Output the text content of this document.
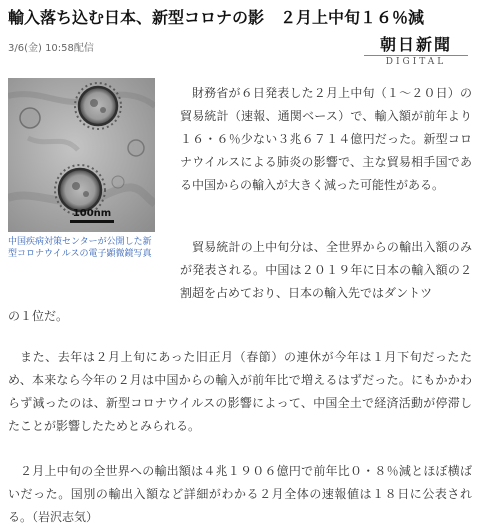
輸入落ち込む日本、新型コロナの影　２月上中旬１６％減
3/6(金) 10:58配信	朝日新聞
DIGITAL
100nm
中国疾病対策センターが公開した新型コロナウイルスの電子顕微鏡写真

財務省が６日発表した２月上中旬（１～２０日）の貿易統計（速報、通関ベース）で、輸入額が前年より１６・６％少ない３兆６７１４億円だった。新型コロナウイルスによる肺炎の影響で、主な貿易相手国である中国からの輸入が大きく減った可能性がある。

貿易統計の上中旬分は、全世界からの輸出入額のみが発表される。中国は２０１９年に日本の輸入額の２割超を占めており、日本の輸入先ではダントツ

の１位だ。

また、去年は２月上旬にあった旧正月（春節）の連休が今年は１月下旬だったため、本来なら今年の２月は中国からの輸入が前年比で増えるはずだった。にもかかわらず減ったのは、新型コロナウイルスの影響によって、中国全土で経済活動が停滞したことが影響したためとみられる。

２月上中旬の全世界への輸出額は４兆１９０６億円で前年比０・８％減とほぼ横ばいだった。国別の輸出入額など詳細がわかる２月全体の速報値は１８日に公表される。（岩沢志気）
